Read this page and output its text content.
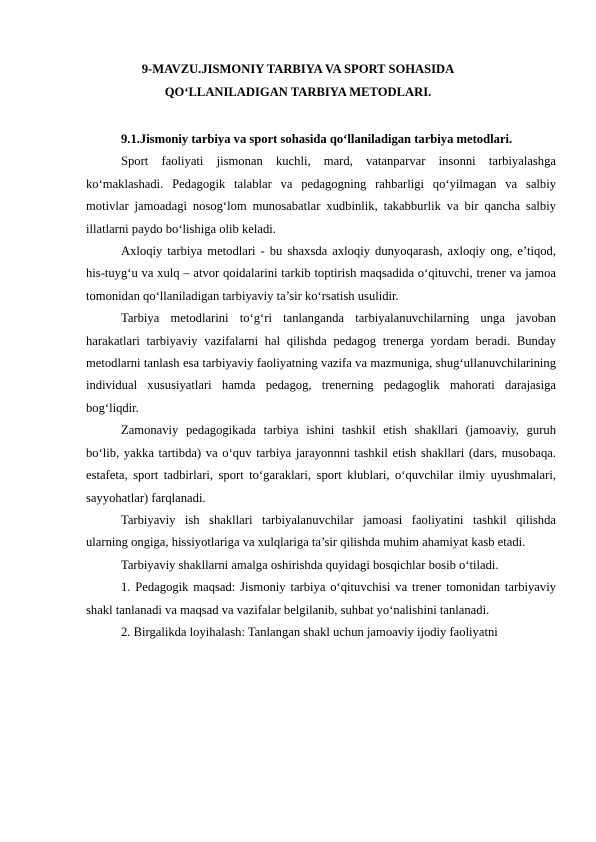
9-MAVZU.JISMONIY TARBIYA VA SPORT SOHASIDA
QO‘LLANILADIGAN TARBIYA METODLARI.

9.1.Jismoniy tarbiya va sport sohasida qo‘llaniladigan tarbiya metodlari.

Sport faoliyati jismonan kuchli, mard, vatanparvar insonni tarbiyalashga ko‘maklashadi. Pedagogik talablar va pedagogning rahbarligi qo‘yilmagan va salbiy motivlar jamoadagi nosog‘lom munosabatlar xudbinlik, takabburlik va bir qancha salbiy illatlarni paydo bo‘lishiga olib keladi.

Axloqiy tarbiya metodlari - bu shaxsda axloqiy dunyoqarash, axloqiy ong, e’tiqod, his-tuyg‘u va xulq – atvor qoidalarini tarkib toptirish maqsadida o‘qituvchi, trener va jamoa tomonidan qo‘llaniladigan tarbiyaviy ta’sir ko‘rsatish usulidir.

Tarbiya metodlarini to‘g‘ri tanlanganda tarbiyalanuvchilarning unga javoban harakatlari tarbiyaviy vazifalarni hal qilishda pedagog trenerga yordam beradi. Bunday metodlarni tanlash esa tarbiyaviy faoliyatning vazifa va mazmuniga, shug‘ullanuvchilarining individual xususiyatlari hamda pedagog, trenerning pedagoglik mahorati darajasiga bog‘liqdir.

Zamonaviy pedagogikada tarbiya ishini tashkil etish shakllari (jamoaviy, guruh bo‘lib, yakka tartibda) va o‘quv tarbiya jarayonnni tashkil etish shakllari (dars, musobaqa. estafeta, sport tadbirlari, sport to‘garaklari, sport klublari, o‘quvchilar ilmiy uyushmalari, sayyohatlar) farqlanadi.

Tarbiyaviy ish shakllari tarbiyalanuvchilar jamoasi faoliyatini tashkil qilishda ularning ongiga, hissiyotlariga va xulqlariga ta’sir qilishda muhim ahamiyat kasb etadi.

Tarbiyaviy shakllarni amalga oshirishda quyidagi bosqichlar bosib o‘tiladi.

1. Pedagogik maqsad: Jismoniy tarbiya o‘qituvchisi va trener tomonidan tarbiyaviy shakl tanlanadi va maqsad va vazifalar belgilanib, suhbat yo‘nalishini tanlanadi.

2. Birgalikda loyihalash: Tanlangan shakl uchun jamoaviy ijodiy faoliyatni
